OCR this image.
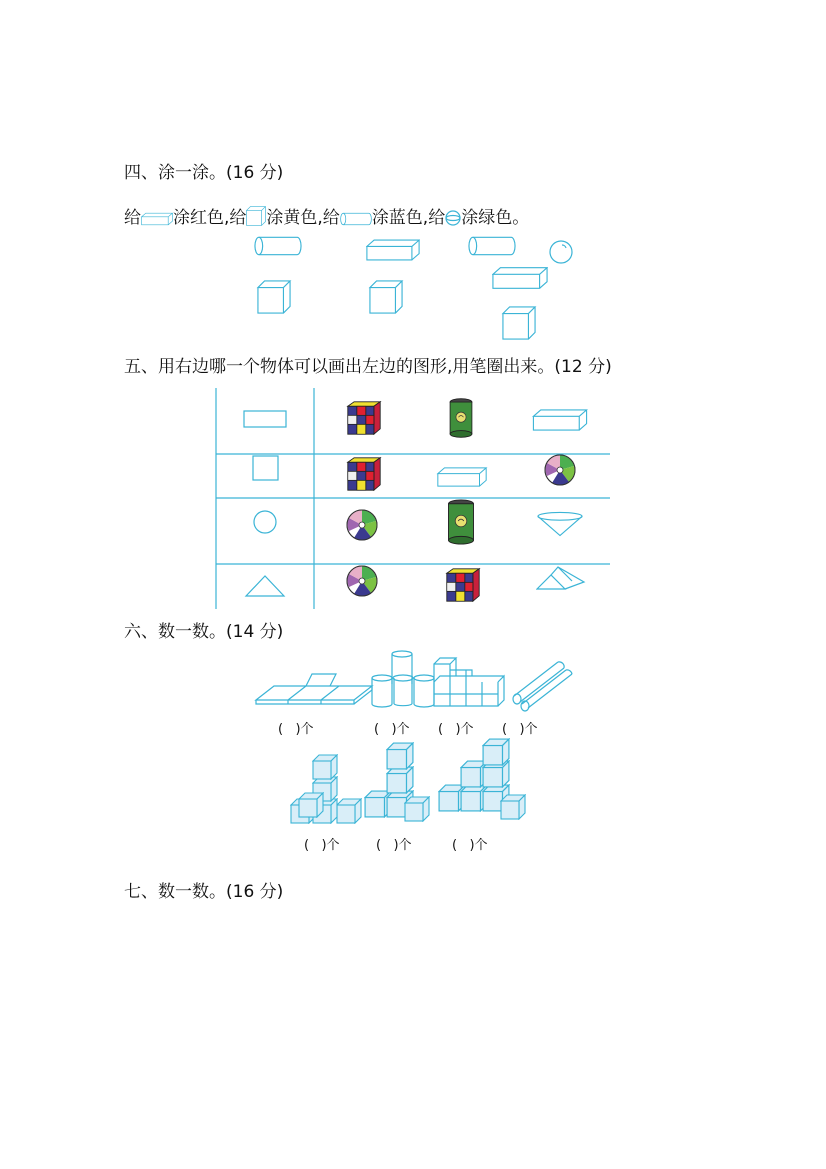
四、涂一涂。(16 分)
给 涂红色,给 涂黄色,给 涂蓝色,给 涂绿色。
五、用右边哪一个物体可以画出左边的图形,用笔圈出来。(12 分)
六、数一数。(14 分)
(   )个	(   )个 (   )个 (   )个
(   )个	(   )个	(   )个
七、数一数。(16 分)
